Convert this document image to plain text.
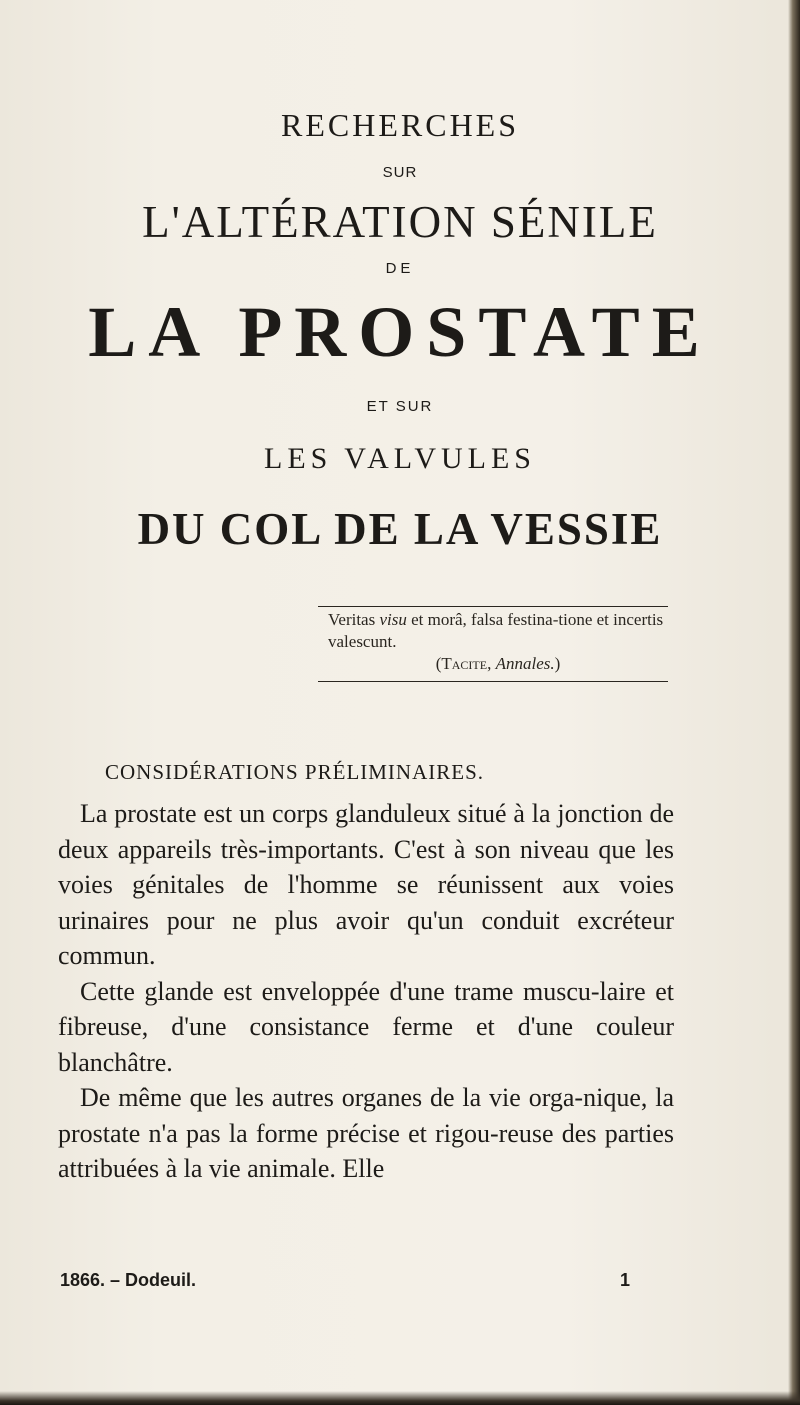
RECHERCHES
SUR
L'ALTÉRATION SÉNILE
DE
LA PROSTATE
ET SUR
LES VALVULES
DU COL DE LA VESSIE

Veritas visu et morâ, falsa festina-tione et incertis valescunt.

(Tacite, Annales.)

CONSIDÉRATIONS PRÉLIMINAIRES.

La prostate est un corps glanduleux situé à la jonction de deux appareils très-importants. C'est à son niveau que les voies génitales de l'homme se réunissent aux voies urinaires pour ne plus avoir qu'un conduit excréteur commun.

Cette glande est enveloppée d'une trame muscu-laire et fibreuse, d'une consistance ferme et d'une couleur blanchâtre.

De même que les autres organes de la vie orga-nique, la prostate n'a pas la forme précise et rigou-reuse des parties attribuées à la vie animale. Elle

1866. – Dodeuil.	1
